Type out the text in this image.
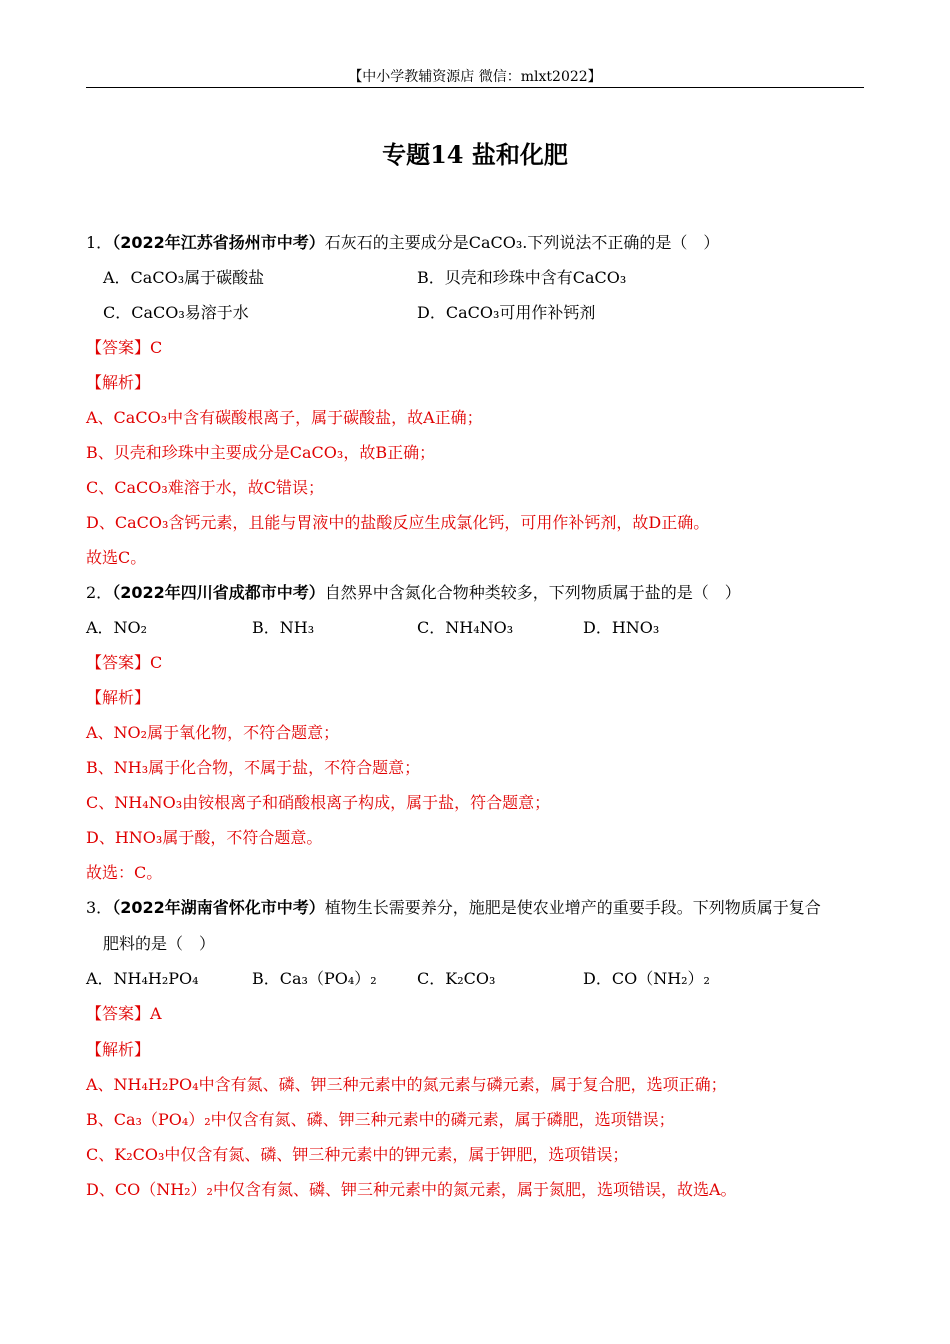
【中小学教辅资源店 微信：mlxt2022】
专题14 盐和化肥
1．（2022年江苏省扬州市中考）石灰石的主要成分是CaCO₃.下列说法不正确的是（　）
A．CaCO₃属于碳酸盐	B．贝壳和珍珠中含有CaCO₃
C．CaCO₃易溶于水	D．CaCO₃可用作补钙剂
【答案】C
【解析】
A、CaCO₃中含有碳酸根离子，属于碳酸盐，故A正确；
B、贝壳和珍珠中主要成分是CaCO₃，故B正确；
C、CaCO₃难溶于水，故C错误；
D、CaCO₃含钙元素，且能与胃液中的盐酸反应生成氯化钙，可用作补钙剂，故D正确。
故选C。
2．（2022年四川省成都市中考）自然界中含氮化合物种类较多，下列物质属于盐的是（　）
A．NO₂	B．NH₃	C．NH₄NO₃	D．HNO₃
【答案】C
【解析】
A、NO₂属于氧化物，不符合题意；
B、NH₃属于化合物，不属于盐，不符合题意；
C、NH₄NO₃由铵根离子和硝酸根离子构成，属于盐，符合题意；
D、HNO₃属于酸，不符合题意。
故选：C。
3．（2022年湖南省怀化市中考）植物生长需要养分，施肥是使农业增产的重要手段。下列物质属于复合
肥料的是（　）
A．NH₄H₂PO₄	B．Ca₃（PO₄）₂	C．K₂CO₃	D．CO（NH₂）₂
【答案】A
【解析】
A、NH₄H₂PO₄中含有氮、磷、钾三种元素中的氮元素与磷元素，属于复合肥，选项正确；
B、Ca₃（PO₄）₂中仅含有氮、磷、钾三种元素中的磷元素，属于磷肥，选项错误；
C、K₂CO₃中仅含有氮、磷、钾三种元素中的钾元素，属于钾肥，选项错误；
D、CO（NH₂）₂中仅含有氮、磷、钾三种元素中的氮元素，属于氮肥，选项错误，故选A。
